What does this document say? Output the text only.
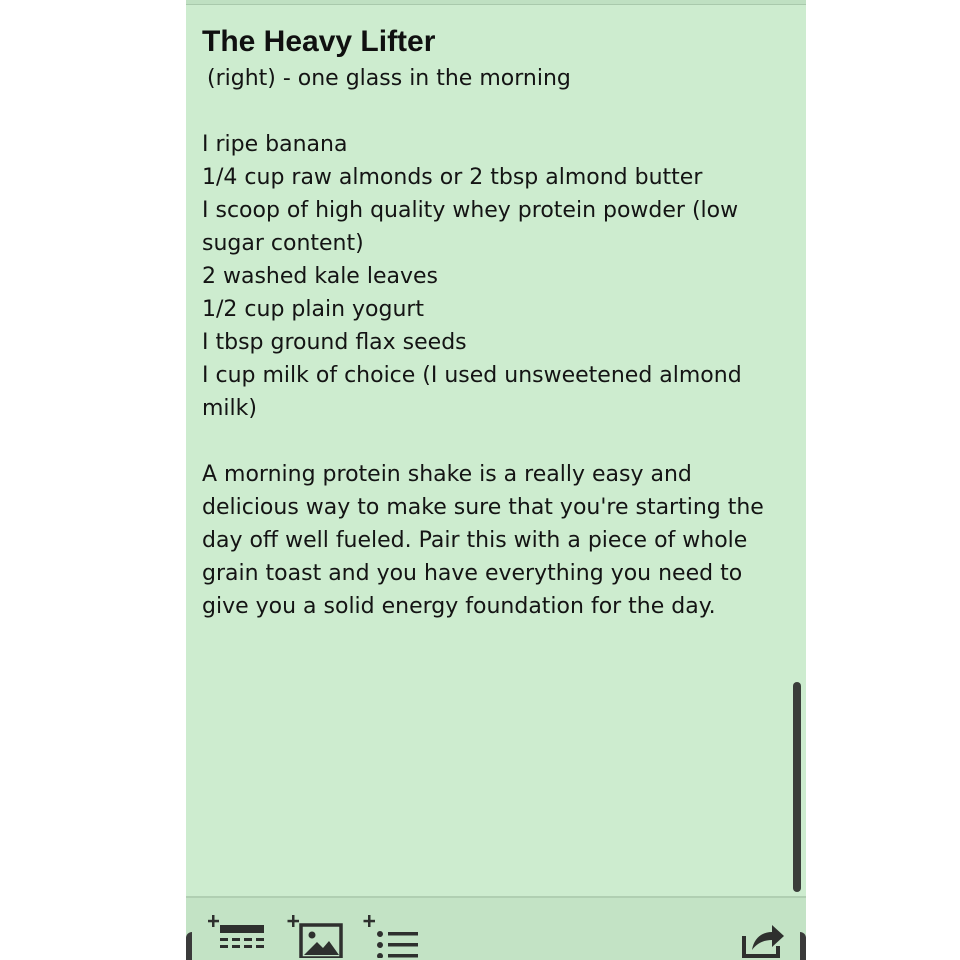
The Heavy Lifter

(right) - one glass in the morning

I ripe banana
1/4 cup raw almonds or 2 tbsp almond butter
I scoop of high quality whey protein powder (low sugar content)
2 washed kale leaves
1/2 cup plain yogurt
I tbsp ground flax seeds
I cup milk of choice (I used unsweetened almond milk)

A morning protein shake is a really easy and delicious way to make sure that you're starting the day off well fueled. Pair this with a piece of whole grain toast and you have everything you need to give you a solid energy foundation for the day.
